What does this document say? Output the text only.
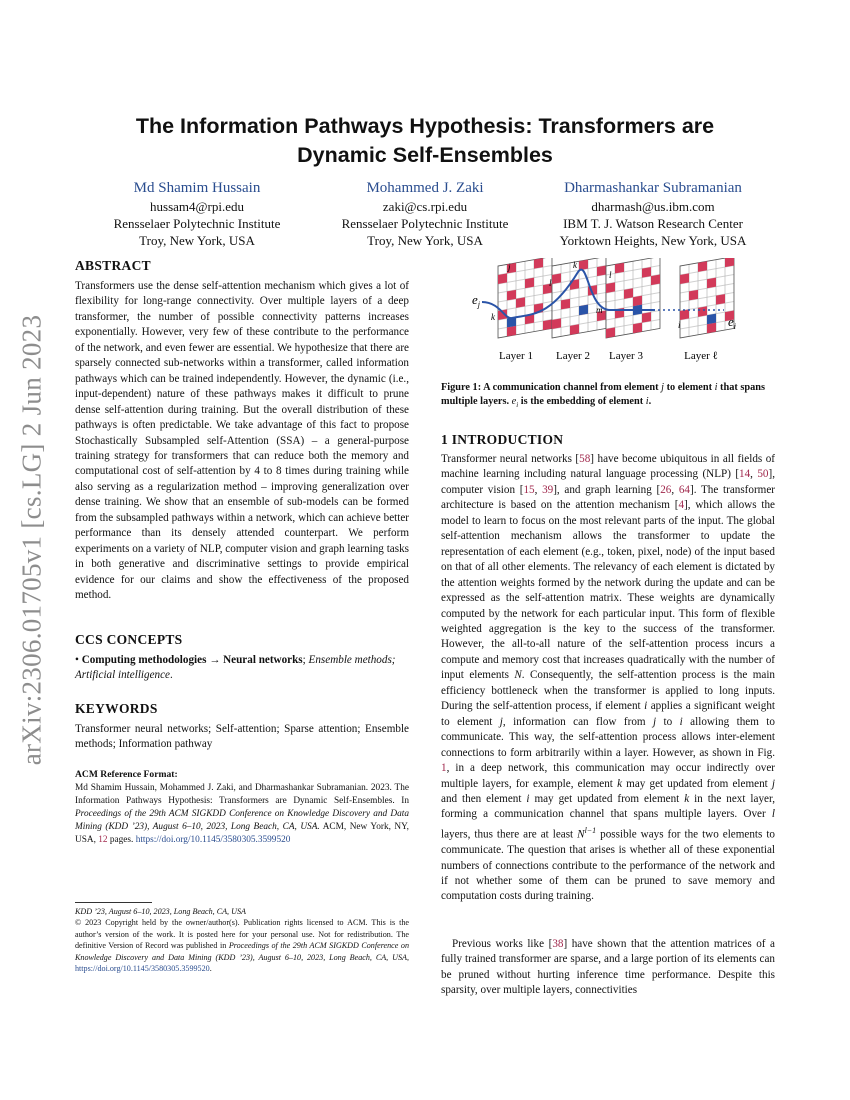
arXiv:2306.01705v1 [cs.LG] 2 Jun 2023
The Information Pathways Hypothesis: Transformers are
Dynamic Self-Ensembles
Md Shamim Hussain
hussam4@rpi.edu
Rensselaer Polytechnic Institute
Troy, New York, USA
Mohammed J. Zaki
zaki@cs.rpi.edu
Rensselaer Polytechnic Institute
Troy, New York, USA
Dharmashankar Subramanian
dharmash@us.ibm.com
IBM T. J. Watson Research Center
Yorktown Heights, New York, USA
ABSTRACT
Transformers use the dense self-attention mechanism which gives a lot of flexibility for long-range connectivity. Over multiple layers of a deep transformer, the number of possible connectivity patterns increases exponentially. However, very few of these contribute to the performance of the network, and even fewer are essential. We hypothesize that there are sparsely connected sub-networks within a transformer, called information pathways which can be trained independently. However, the dynamic (i.e., input-dependent) nature of these pathways makes it difficult to prune dense self-attention during training. But the overall distribution of these pathways is often predictable. We take advantage of this fact to propose Stochastically Subsampled self-Attention (SSA) – a general-purpose training strategy for transformers that can reduce both the memory and computational cost of self-attention by 4 to 8 times during training while also serving as a regularization method – improving generalization over dense training. We show that an ensemble of sub-models can be formed from the subsampled pathways within a network, which can achieve better performance than its densely attended counterpart. We perform experiments on a variety of NLP, computer vision and graph learning tasks in both generative and discriminative settings to provide empirical evidence for our claims and show the effectiveness of the proposed method.
CCS CONCEPTS
• Computing methodologies → Neural networks; Ensemble methods; Artificial intelligence.
KEYWORDS
Transformer neural networks; Self-attention; Sparse attention; Ensemble methods; Information pathway
ACM Reference Format:
Md Shamim Hussain, Mohammed J. Zaki, and Dharmashankar Subramanian. 2023. The Information Pathways Hypothesis: Transformers are Dynamic Self-Ensembles. In Proceedings of the 29th ACM SIGKDD Conference on Knowledge Discovery and Data Mining (KDD ’23), August 6–10, 2023, Long Beach, CA, USA. ACM, New York, NY, USA, 12 pages. https://doi.org/10.1145/3580305.3599520
KDD ’23, August 6–10, 2023, Long Beach, CA, USA
© 2023 Copyright held by the owner/author(s). Publication rights licensed to ACM. This is the author’s version of the work. It is posted here for your personal use. Not for redistribution. The definitive Version of Record was published in Proceedings of the 29th ACM SIGKDD Conference on Knowledge Discovery and Data Mining (KDD ’23), August 6–10, 2023, Long Beach, CA, USA, https://doi.org/10.1145/3580305.3599520.
j
k
k
l
l
m
i
$e_j$
$e_i$
Layer 1 Layer 2 Layer 3	Layer ℓ
Figure 1: A communication channel from element j to element i that spans multiple layers. $e_i$ is the embedding of element i.
1 INTRODUCTION
Transformer neural networks [58] have become ubiquitous in all fields of machine learning including natural language processing (NLP) [14, 50], computer vision [15, 39], and graph learning [26, 64]. The transformer architecture is based on the attention mechanism [4], which allows the model to learn to focus on the most relevant parts of the input. The global self-attention mechanism allows the transformer to update the representation of each element (e.g., token, pixel, node) of the input based on that of all other elements. The relevancy of each element is dictated by the attention weights formed by the network during the update and can be expressed as the self-attention matrix. These weights are dynamically computed by the network for each particular input. This form of flexible weighted aggregation is the key to the success of the transformer. However, the all-to-all nature of the self-attention process incurs a compute and memory cost that increases quadratically with the number of input elements N. Consequently, the self-attention process is the main efficiency bottleneck when the transformer is applied to long inputs. During the self-attention process, if element i applies a significant weight to element j, information can flow from j to i allowing them to communicate. This way, the self-attention process allows inter-element connections to form arbitrarily within a layer. However, as shown in Fig. 1, in a deep network, this communication may occur indirectly over multiple layers, for example, element k may get updated from element j and then element i may get updated from element k in the next layer, forming a communication channel that spans multiple layers. Over l layers, thus there are at least $N^{l-1}$ possible ways for the two elements to communicate. The question that arises is whether all of these exponential numbers of connections contribute to the performance of the network and if not whether some of them can be pruned to save memory and computation costs during training.
Previous works like [38] have shown that the attention matrices of a fully trained transformer are sparse, and a large portion of its elements can be pruned without hurting inference time performance. Despite this sparsity, over multiple layers, connectivities
